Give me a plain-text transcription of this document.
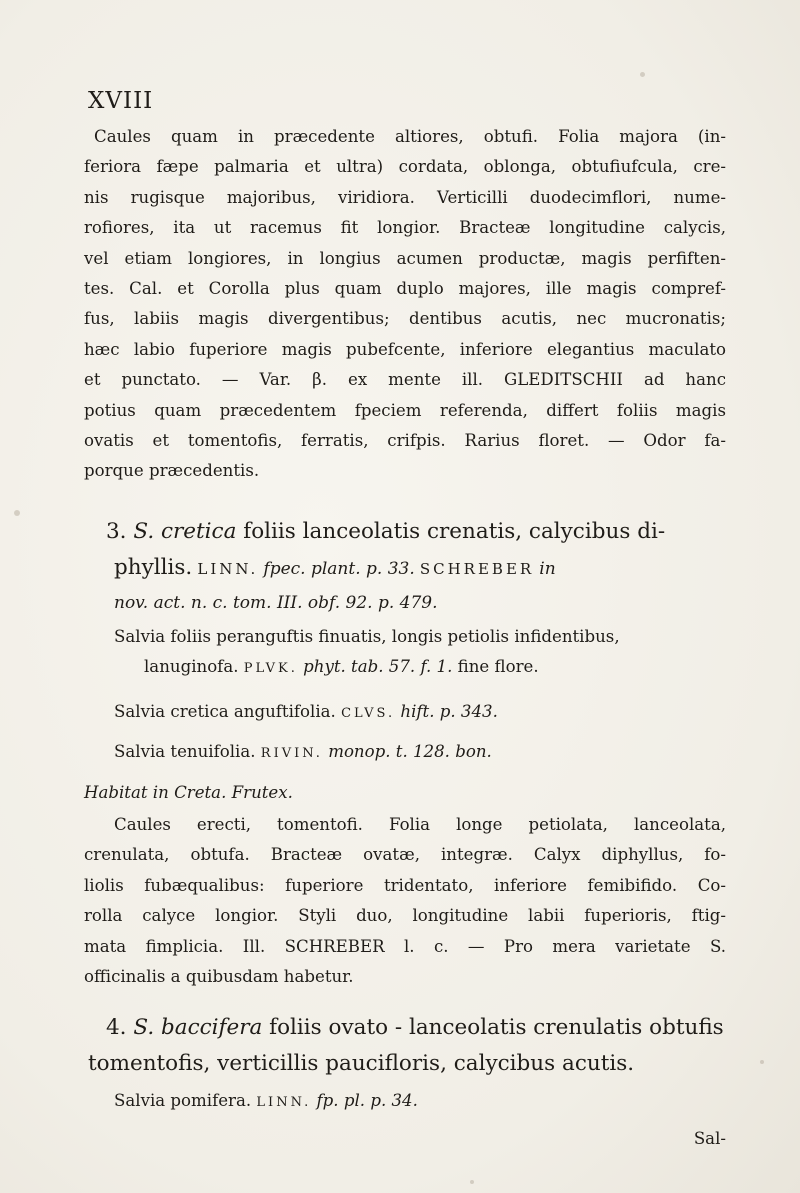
XVIII
Caules quam in præcedente altiores, obtufi. Folia majora (in-
feriora fæpe palmaria et ultra) cordata, oblonga, obtufiufcula, cre-
nis rugisque majoribus, viridiora. Verticilli duodecimflori, nume-
rofiores, ita ut racemus fit longior. Bracteæ longitudine calycis,
vel etiam longiores, in longius acumen productæ, magis perfiften-
tes. Cal. et Corolla plus quam duplo majores, ille magis compref-
fus, labiis magis divergentibus; dentibus acutis, nec mucronatis;
hæc labio fuperiore magis pubefcente, inferiore elegantius maculato
et punctato. — Var. β. ex mente ill. GLEDITSCHII ad hanc
potius quam præcedentem fpeciem referenda, differt foliis magis
ovatis et tomentofis, ferratis, crifpis. Rarius floret. — Odor fa-
porque præcedentis.
3. S. cretica foliis lanceolatis crenatis, calycibus di-
phyllis. LINN. fpec. plant. p. 33. SCHREBER in
nov. act. n. c. tom. III. obf. 92. p. 479.
Salvia foliis peranguftis finuatis, longis petiolis infidentibus,
lanuginofa. PLVK. phyt. tab. 57. f. 1. fine flore.
Salvia cretica anguftifolia. CLVS. hift. p. 343.
Salvia tenuifolia. RIVIN. monop. t. 128. bon.
Habitat in Creta. Frutex.
Caules erecti, tomentofi. Folia longe petiolata, lanceolata,
crenulata, obtufa. Bracteæ ovatæ, integræ. Calyx diphyllus, fo-
liolis fubæqualibus: fuperiore tridentato, inferiore femibifido. Co-
rolla calyce longior. Styli duo, longitudine labii fuperioris, ftig-
mata fimplicia. Ill. SCHREBER l. c. — Pro mera varietate S.
officinalis a quibusdam habetur.
4. S. baccifera foliis ovato - lanceolatis crenulatis obtufis
tomentofis, verticillis paucifloris, calycibus acutis.
Salvia pomifera. LINN. fp. pl. p. 34.
Sal-
